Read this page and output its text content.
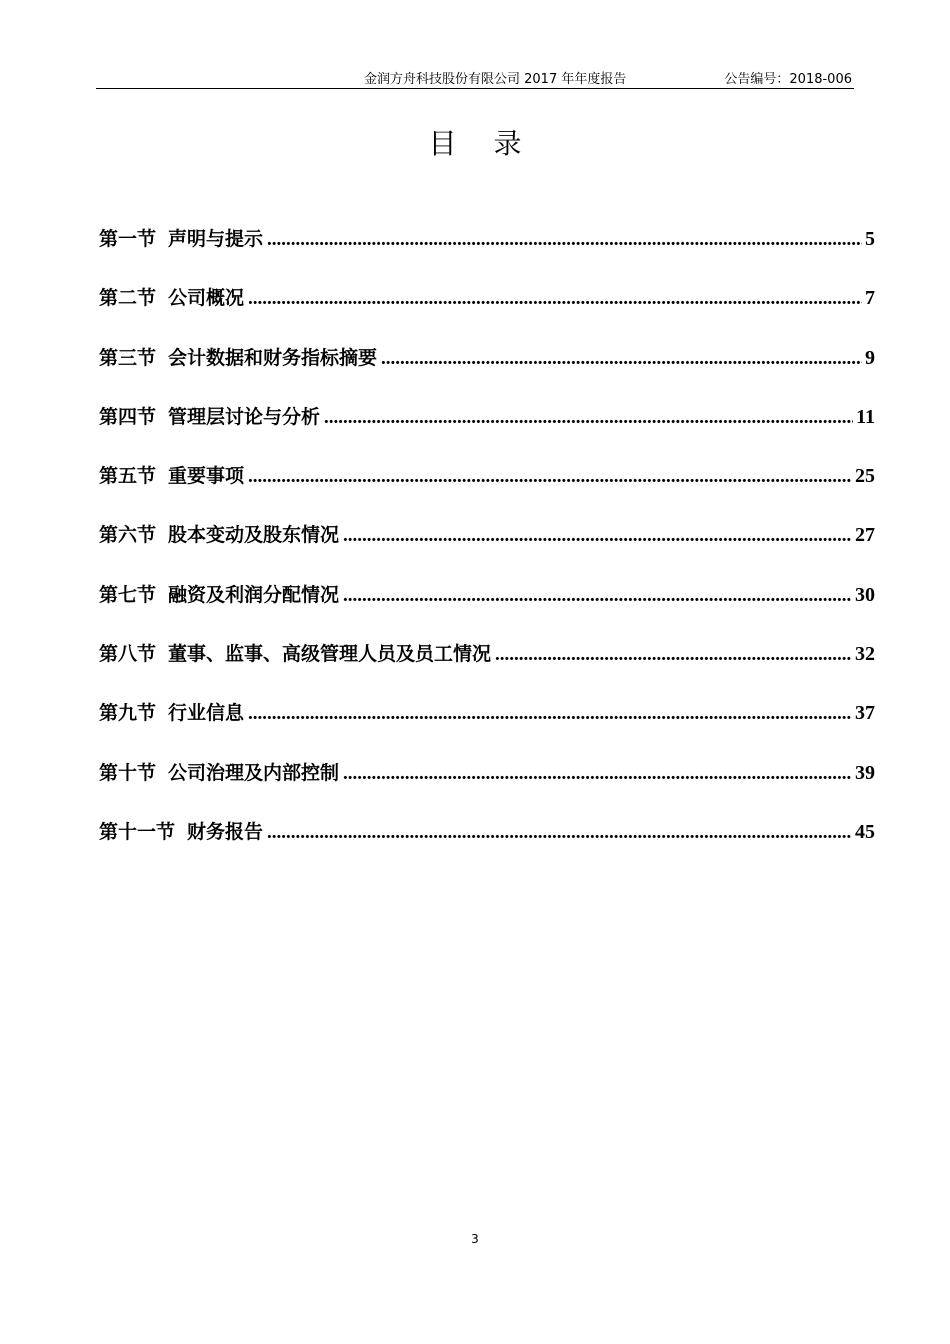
金润方舟科技股份有限公司 2017 年年度报告	公告编号：2018-006
目 录
第一节 声明与提示 .....	5
第二节 公司概况 .....	7
第三节 会计数据和财务指标摘要 .....	9
第四节 管理层讨论与分析 .....	11
第五节 重要事项 .....	25
第六节 股本变动及股东情况 .....	27
第七节 融资及利润分配情况 .....	30
第八节 董事、监事、高级管理人员及员工情况 .....	32
第九节 行业信息 .....	37
第十节 公司治理及内部控制 .....	39
第十一节 财务报告 .....	45
3
